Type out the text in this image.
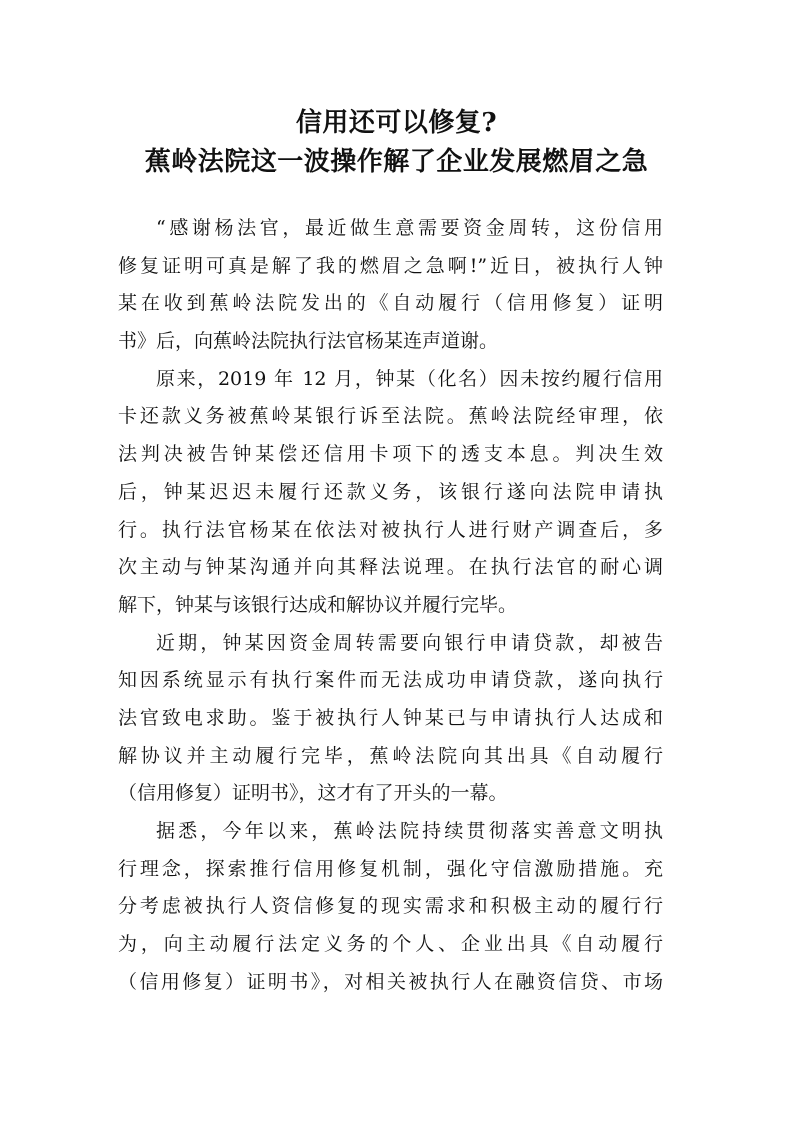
信用还可以修复?
蕉岭法院这一波操作解了企业发展燃眉之急
“感谢杨法官，最近做生意需要资金周转，这份信用
修复证明可真是解了我的燃眉之急啊!”近日，被执行人钟
某在收到蕉岭法院发出的《自动履行（信用修复）证明
书》后，向蕉岭法院执行法官杨某连声道谢。
原来，2019 年 12 月，钟某（化名）因未按约履行信用
卡还款义务被蕉岭某银行诉至法院。蕉岭法院经审理，依
法判决被告钟某偿还信用卡项下的透支本息。判决生效
后，钟某迟迟未履行还款义务，该银行遂向法院申请执
行。执行法官杨某在依法对被执行人进行财产调查后，多
次主动与钟某沟通并向其释法说理。在执行法官的耐心调
解下，钟某与该银行达成和解协议并履行完毕。
近期，钟某因资金周转需要向银行申请贷款，却被告
知因系统显示有执行案件而无法成功申请贷款，遂向执行
法官致电求助。鉴于被执行人钟某已与申请执行人达成和
解协议并主动履行完毕，蕉岭法院向其出具《自动履行
（信用修复）证明书》，这才有了开头的一幕。
据悉，今年以来，蕉岭法院持续贯彻落实善意文明执
行理念，探索推行信用修复机制，强化守信激励措施。充
分考虑被执行人资信修复的现实需求和积极主动的履行行
为，向主动履行法定义务的个人、企业出具《自动履行
（信用修复）证明书》，对相关被执行人在融资信贷、市场
